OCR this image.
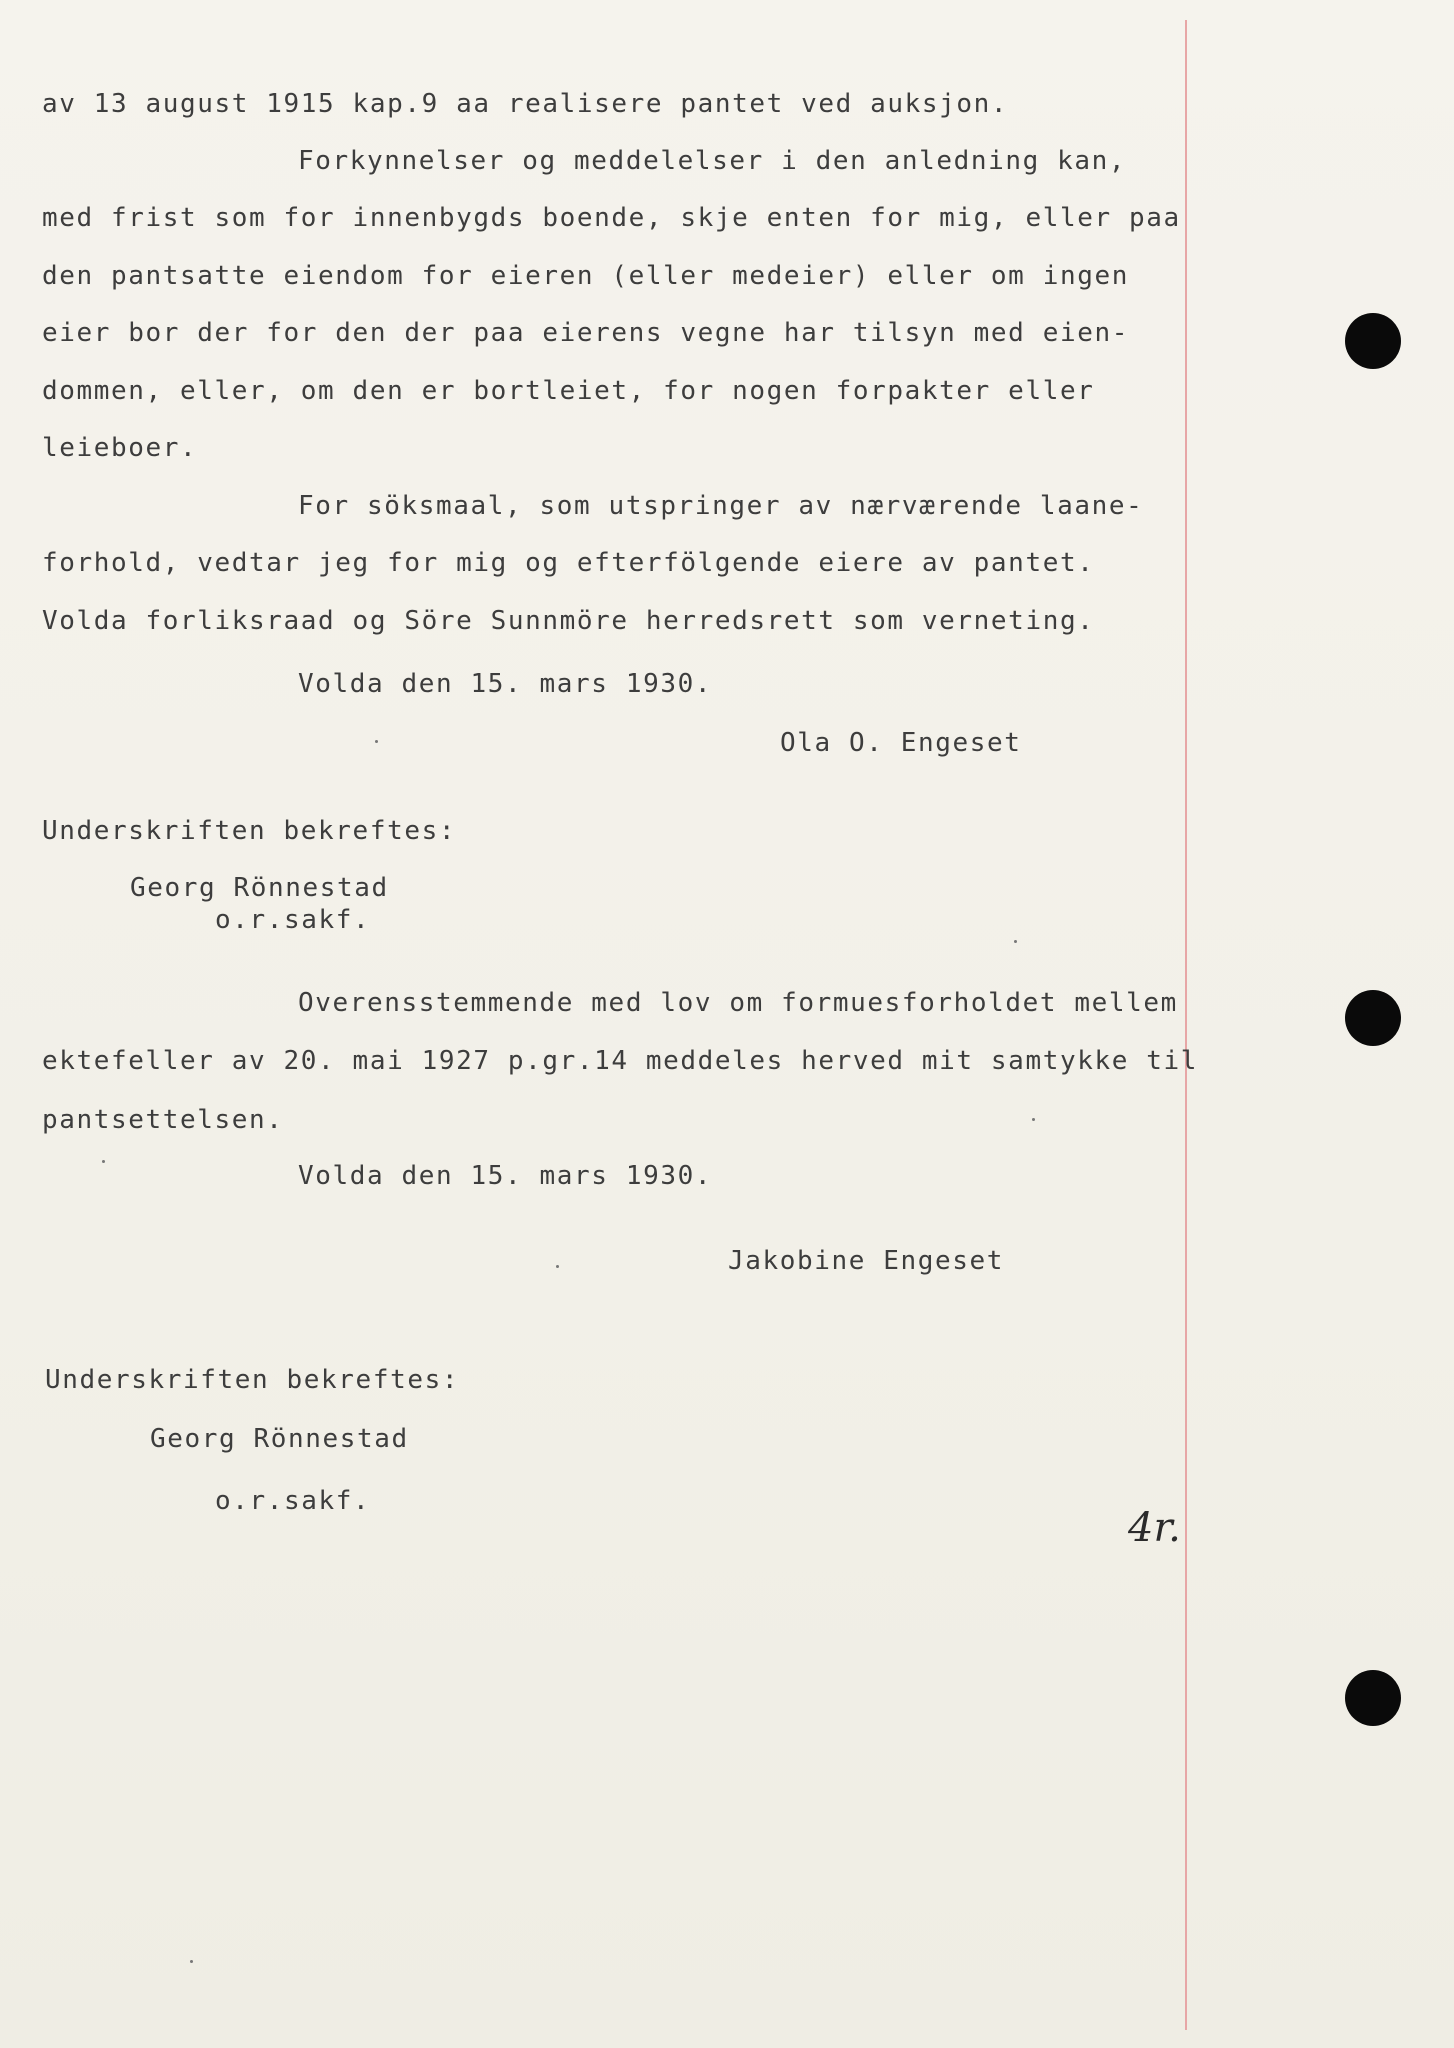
av 13 august 1915 kap.9 aa realisere pantet ved auksjon.
Forkynnelser og meddelelser i den anledning kan,
med frist som for innenbygds boende, skje enten for mig, eller paa
den pantsatte eiendom for eieren (eller medeier) eller om ingen
eier bor der for den der paa eierens vegne har tilsyn med eien-
dommen, eller, om den er bortleiet, for nogen forpakter eller
leieboer.
For söksmaal, som utspringer av nærværende laane-
forhold, vedtar jeg for mig og efterfölgende eiere av pantet.
Volda forliksraad og Söre Sunnmöre herredsrett som verneting.
Volda den 15. mars 1930.
Ola O. Engeset
Underskriften bekreftes:
Georg Rönnestad
o.r.sakf.
Overensstemmende med lov om formuesforholdet mellem
ektefeller av 20. mai 1927 p.gr.14 meddeles herved mit samtykke til
pantsettelsen.
Volda den 15. mars 1930.
Jakobine Engeset
Underskriften bekreftes:
Georg Rönnestad
o.r.sakf.
4r.
